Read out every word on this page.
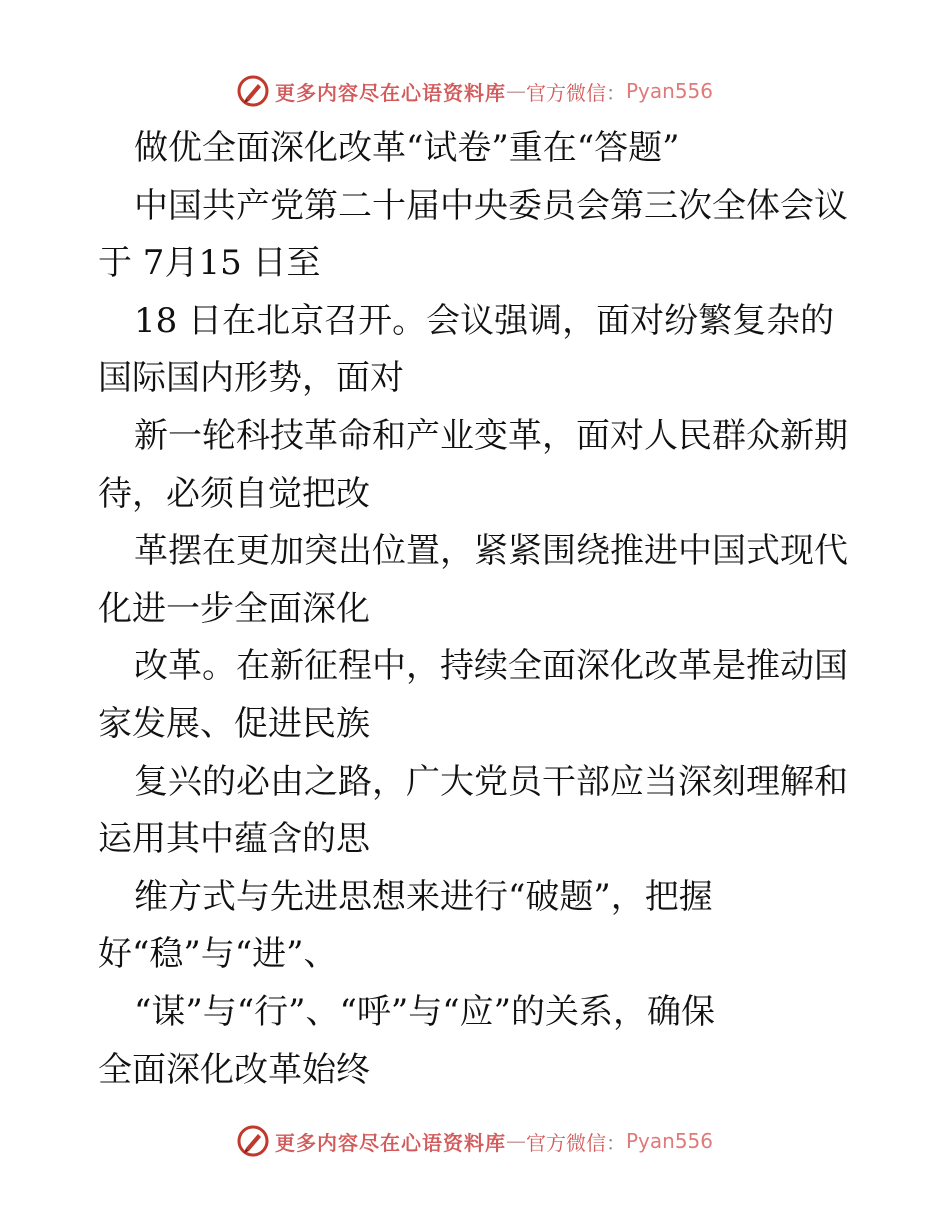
更多内容尽在心语资料库 — 官方微信 ： Pyan556
做优全面深化改革“试卷”重在“答题”
中国共产党第二十届中央委员会第三次全体会议
于 7月15 日至
18 日在北京召开。会议强调，面对纷繁复杂的
国际国内形势，面对
新一轮科技革命和产业变革，面对人民群众新期
待，必须自觉把改
革摆在更加突出位置，紧紧围绕推进中国式现代
化进一步全面深化
改革。在新征程中，持续全面深化改革是推动国
家发展、促进民族
复兴的必由之路，广大党员干部应当深刻理解和
运用其中蕴含的思
维方式与先进思想来进行“破题”，把握
好“稳”与“进”、
“谋”与“行”、“呼”与“应”的关系，确保
全面深化改革始终
更多内容尽在心语资料库 — 官方微信 ： Pyan556
